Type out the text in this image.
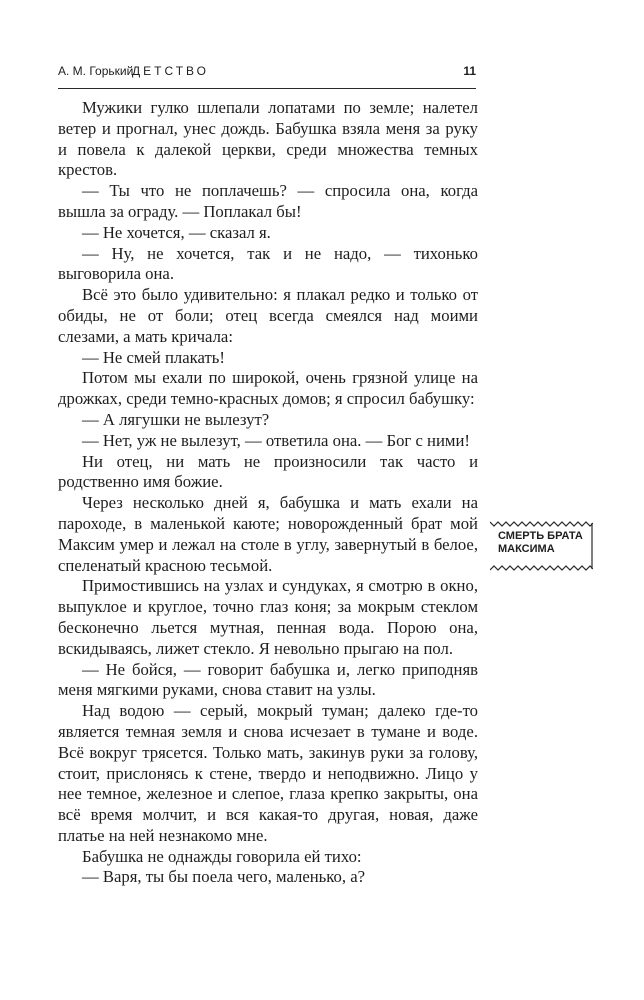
А. М. Горький
ДЕТСТВО	11

Мужики гулко шлепали лопатами по земле; налетел ветер и прогнал, унес дождь. Бабушка взяла меня за руку и повела к далекой церкви, среди множества темных крестов.

— Ты что не поплачешь? — спросила она, когда вышла за ограду. — Поплакал бы!

— Не хочется, — сказал я.

— Ну, не хочется, так и не надо, — тихонько выговорила она.

Всё это было удивительно: я плакал редко и только от обиды, не от боли; отец всегда смеялся над моими слезами, а мать кричала:

— Не смей плакать!

Потом мы ехали по широкой, очень грязной улице на дрожках, среди темно-красных домов; я спросил бабушку:

— А лягушки не вылезут?

— Нет, уж не вылезут, — ответила она. — Бог с ними!

Ни отец, ни мать не произносили так часто и родственно имя божие.

Через несколько дней я, бабушка и мать ехали на пароходе, в маленькой каюте; новорожденный брат мой Максим умер и лежал на столе в углу, завернутый в белое, спеленатый красною тесьмой.

Примостившись на узлах и сундуках, я смотрю в окно, выпуклое и круглое, точно глаз коня; за мокрым стеклом бесконечно льется мутная, пенная вода. Порою она, вскидываясь, лижет стекло. Я невольно прыгаю на пол.

— Не бойся, — говорит бабушка и, легко приподняв меня мягкими руками, снова ставит на узлы.

Над водою — серый, мокрый туман; далеко где-то является темная земля и снова исчезает в тумане и воде. Всё вокруг трясется. Только мать, закинув руки за голову, стоит, прислонясь к стене, твердо и неподвижно. Лицо у нее темное, железное и слепое, глаза крепко закрыты, она всё время молчит, и вся какая-то другая, новая, даже платье на ней незнакомо мне.

Бабушка не однажды говорила ей тихо:

— Варя, ты бы поела чего, маленько, а?

СМЕРТЬ БРАТА МАКСИМА
